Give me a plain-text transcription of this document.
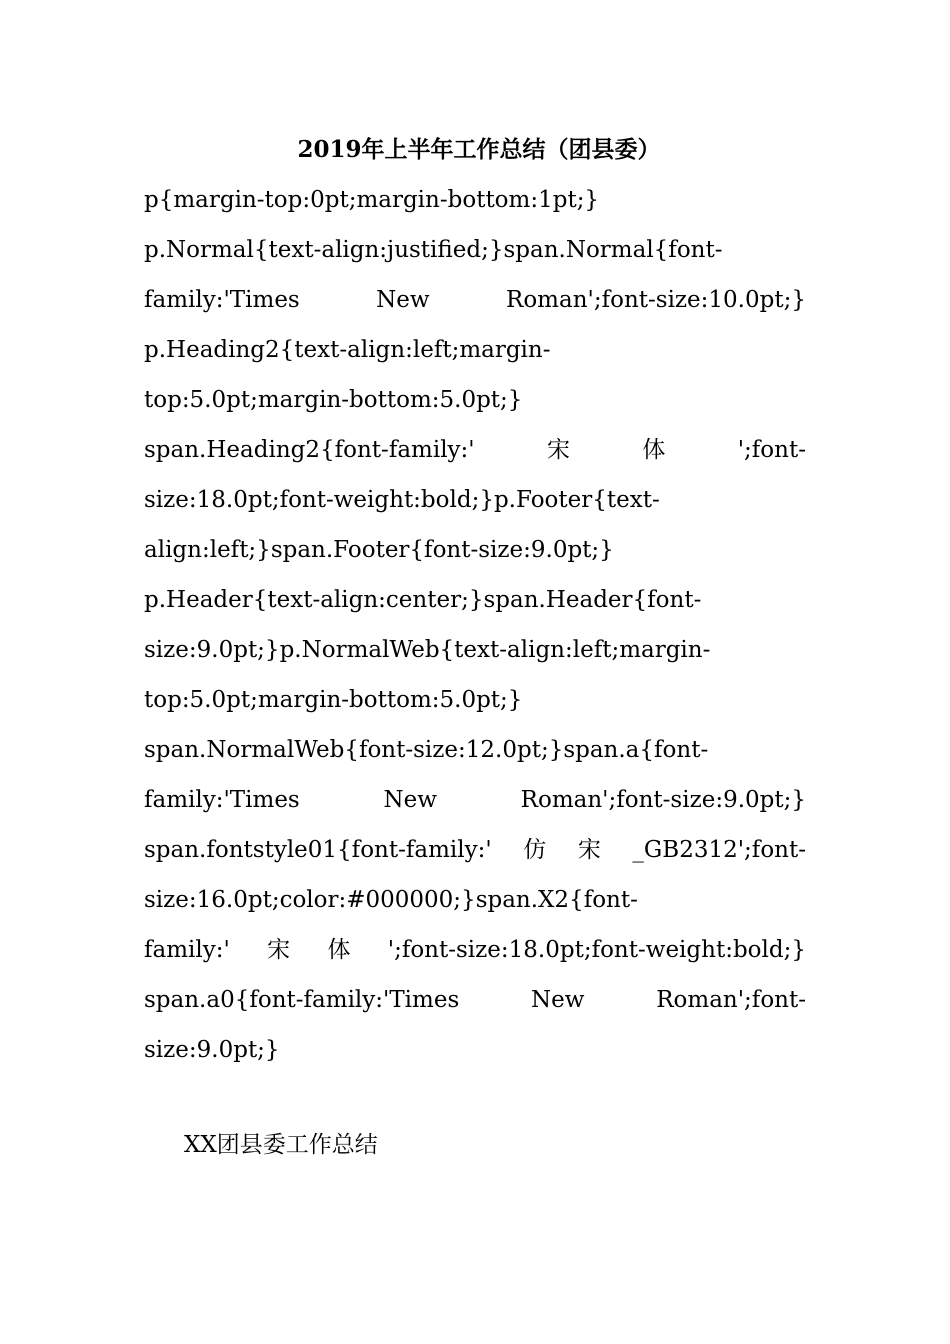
2019年上半年工作总结（团县委）

p{margin-top:0pt;margin-bottom:1pt;}

p.Normal{text-align:justified;}span.Normal{font-

family:'Times	New	Roman';font-size:10.0pt;}

p.Heading2{text-align:left;margin-

top:5.0pt;margin-bottom:5.0pt;}

span.Heading2{font-family:'	宋	体	';font-

size:18.0pt;font-weight:bold;}p.Footer{text-

align:left;}span.Footer{font-size:9.0pt;}

p.Header{text-align:center;}span.Header{font-

size:9.0pt;}p.NormalWeb{text-align:left;margin-

top:5.0pt;margin-bottom:5.0pt;}

span.NormalWeb{font-size:12.0pt;}span.a{font-

family:'Times	New	Roman';font-size:9.0pt;}

span.fontstyle01{font-family:' 仿 宋 _GB2312';font-

size:16.0pt;color:#000000;}span.X2{font-

family:' 宋 体 ';font-size:18.0pt;font-weight:bold;}

span.a0{font-family:'Times	New	Roman';font-

size:9.0pt;}

XX团县委工作总结
